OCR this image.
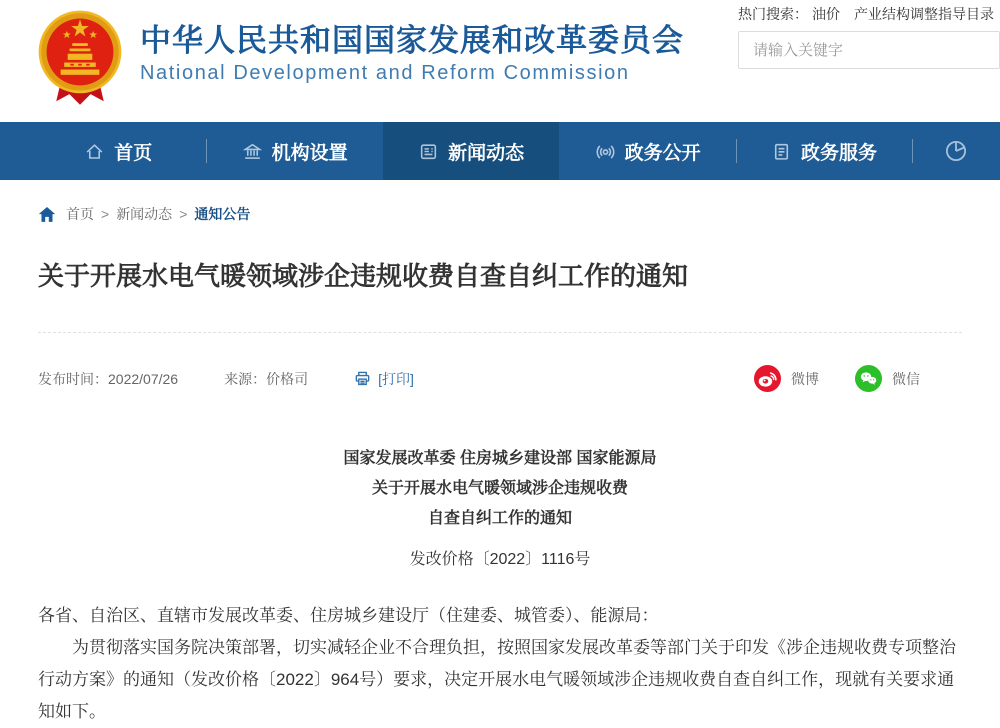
中华人民共和国国家发展和改革委员会
National Development and Reform Commission
热门搜索： 油价 产业结构调整指导目录
请输入关键字
首页	机构设置	新闻动态	政务公开	政务服务
首页 > 新闻动态 > 通知公告
关于开展水电气暖领域涉企违规收费自查自纠工作的通知
发布时间：2022/07/26	来源：价格司	[打印]	微博	微信
国家发展改革委 住房城乡建设部 国家能源局
关于开展水电气暖领域涉企违规收费
自查自纠工作的通知
发改价格〔2022〕1116号

各省、自治区、直辖市发展改革委、住房城乡建设厅（住建委、城管委）、能源局：

为贯彻落实国务院决策部署，切实减轻企业不合理负担，按照国家发展改革委等部门关于印发《涉企违规收费专项整治行动方案》的通知（发改价格〔2022〕964号）要求，决定开展水电气暖领域涉企违规收费自查自纠工作，现就有关要求通知如下。
